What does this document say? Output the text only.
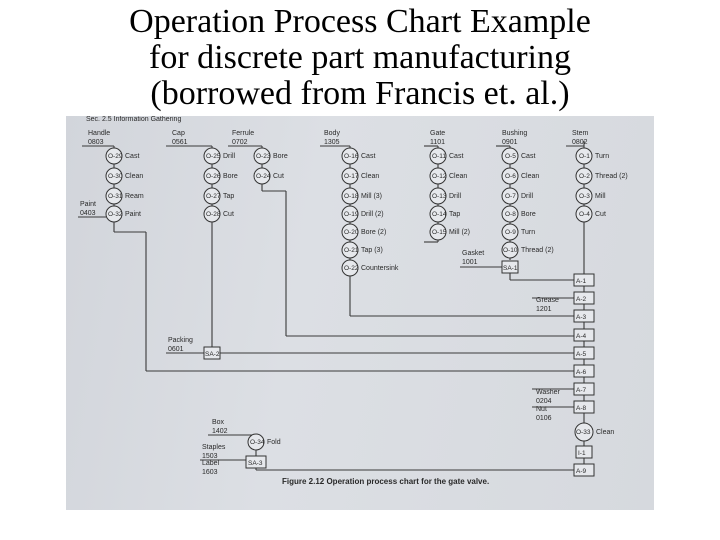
Operation Process Chart Example
for discrete part manufacturing
(borrowed from Francis et. al.)
Sec. 2.5 Information Gathering
Handle
0803
O-29 Cast
O-30 Clean
O-31 Ream
O-32 Paint
Paint
0403
Cap
0561
O-25 Drill
O-26 Bore
O-27 Tap
O-28 Cut
Ferrule
0702
O-23 Bore
O-24 Cut
Body
1305
O-16 Cast
O-17 Clean
O-18 Mill (3)
O-19 Drill (2)
O-20 Bore (2)
O-21 Tap (3)
O-22 Countersink
Gate
1101
O-11 Cast
O-12 Clean
O-13 Drill
O-14 Tap
O-15 Mill (2)
Bushing
0901
O-5 Cast
O-6 Clean
O-7 Drill
O-8 Bore
O-9 Turn
O-10 Thread (2)
Stem
0802
O-1 Turn
O-2 Thread (2)
O-3 Mill
O-4 Cut
Gasket
1001
SA-1
Grease
1201
Packing
0601
SA-2
Washer
0204
Nut
0106
A-1
A-2
A-3
A-4
A-5
A-6
A-7
A-8
O-33 Clean
I-1
A-9
Box
1402
O-34 Fold
Staples
1503
SA-3
Label
1603
Figure 2.12 Operation process chart for the gate valve.
